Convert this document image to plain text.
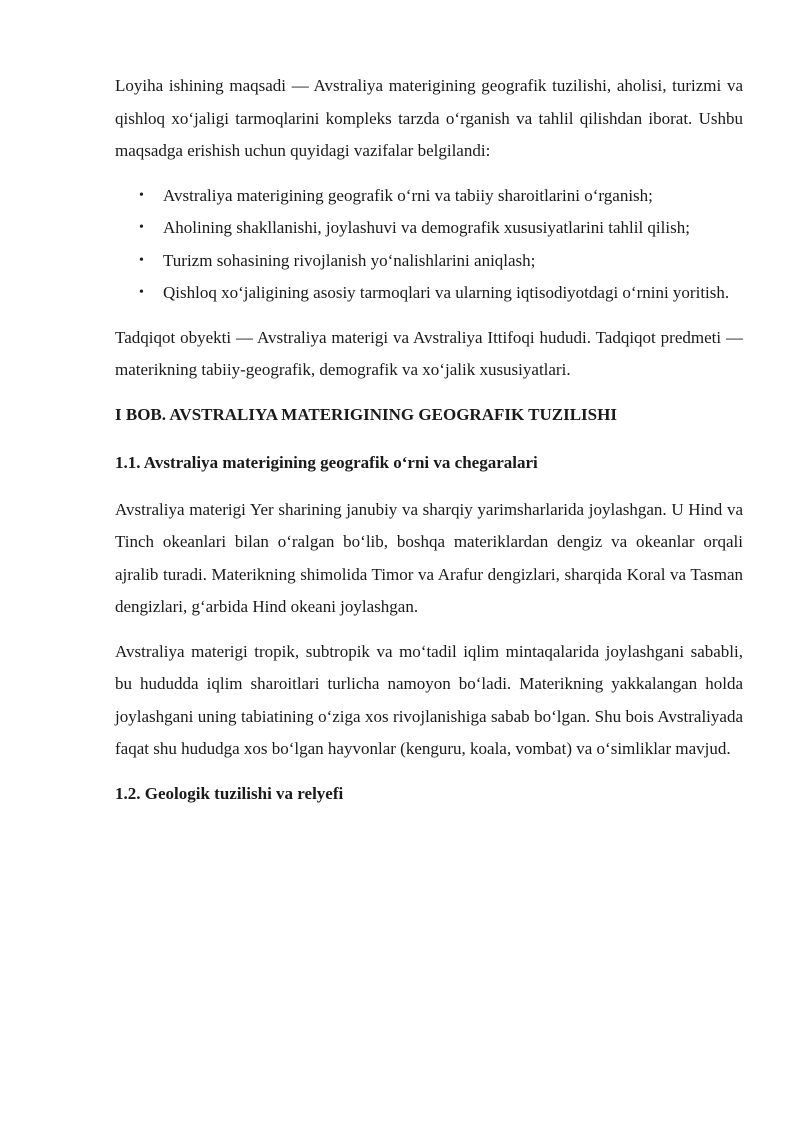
Loyiha ishining maqsadi — Avstraliya materigining geografik tuzilishi, aholisi, turizmi va qishloq xo‘jaligi tarmoqlarini kompleks tarzda o‘rganish va tahlil qilishdan iborat. Ushbu maqsadga erishish uchun quyidagi vazifalar belgilandi:

• Avstraliya materigining geografik o‘rni va tabiiy sharoitlarini o‘rganish;
• Aholining shakllanishi, joylashuvi va demografik xususiyatlarini tahlil qilish;
• Turizm sohasining rivojlanish yo‘nalishlarini aniqlash;
• Qishloq xo‘jaligining asosiy tarmoqlari va ularning iqtisodiyotdagi o‘rnini yoritish.

Tadqiqot obyekti — Avstraliya materigi va Avstraliya Ittifoqi hududi. Tadqiqot predmeti — materikning tabiiy-geografik, demografik va xo‘jalik xususiyatlari.

I BOB. AVSTRALIYA MATERIGINING GEOGRAFIK TUZILISHI
1.1. Avstraliya materigining geografik o‘rni va chegaralari

Avstraliya materigi Yer sharining janubiy va sharqiy yarimsharlarida joylashgan. U Hind va Tinch okeanlari bilan o‘ralgan bo‘lib, boshqa materiklardan dengiz va okeanlar orqali ajralib turadi. Materikning shimolida Timor va Arafur dengizlari, sharqida Koral va Tasman dengizlari, g‘arbida Hind okeani joylashgan.

Avstraliya materigi tropik, subtropik va mo‘tadil iqlim mintaqalarida joylashgani sababli, bu hududda iqlim sharoitlari turlicha namoyon bo‘ladi. Materikning yakkalangan holda joylashgani uning tabiatining o‘ziga xos rivojlanishiga sabab bo‘lgan. Shu bois Avstraliyada faqat shu hududga xos bo‘lgan hayvonlar (kenguru, koala, vombat) va o‘simliklar mavjud.

1.2. Geologik tuzilishi va relyefi
